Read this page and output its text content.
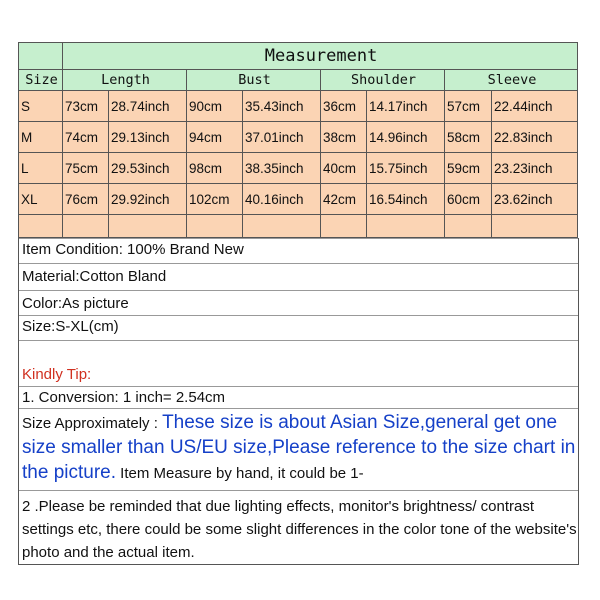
	Measurement							
Size	Length		Bust		Shoulder		Sleeve	
S	73cm	28.74inch	90cm	35.43inch	36cm	14.17inch	57cm	22.44inch
M	74cm	29.13inch	94cm	37.01inch	38cm	14.96inch	58cm	22.83inch
L	75cm	29.53inch	98cm	38.35inch	40cm	15.75inch	59cm	23.23inch
XL	76cm	29.92inch	102cm	40.16inch	42cm	16.54inch	60cm	23.62inch

Item Condition: 100% Brand New
Material:Cotton Bland
Color:As picture
Size:S-XL(cm)
Kindly Tip:
1. Conversion: 1 inch= 2.54cm
Size Approximately : These size is about Asian Size,general get one size smaller than US/EU size,Please reference to the size chart in the picture. Item Measure by hand, it could be 1-
2 .Please be reminded that due lighting effects, monitor's brightness/ contrast settings etc, there could be some slight differences in the color tone of the website's photo and the actual item.
